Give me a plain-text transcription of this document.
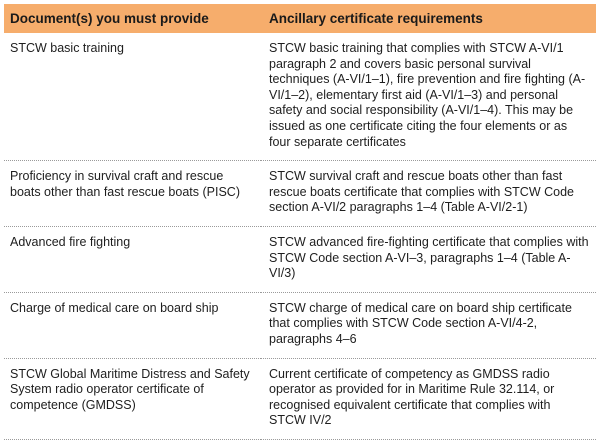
Document(s) you must provide	Ancillary certificate requirements
STCW basic training	STCW basic training that complies with STCW A-VI/1 paragraph 2 and covers basic personal survival techniques (A-VI/1–1), fire prevention and fire fighting (A-VI/1–2), elementary first aid (A-VI/1–3) and personal safety and social responsibility (A-VI/1–4). This may be issued as one certificate citing the four elements or as four separate certificates
Proficiency in survival craft and rescue boats other than fast rescue boats (PISC)	STCW survival craft and rescue boats other than fast rescue boats certificate that complies with STCW Code section A-VI/2 paragraphs 1–4 (Table A-VI/2-1)
Advanced fire fighting	STCW advanced fire-fighting certificate that complies with STCW Code section A-VI–3, paragraphs 1–4 (Table A-VI/3)
Charge of medical care on board ship	STCW charge of medical care on board ship certificate that complies with STCW Code section A-VI/4-2, paragraphs 4–6
STCW Global Maritime Distress and Safety System radio operator certificate of competence (GMDSS)	Current certificate of competency as GMDSS radio operator as provided for in Maritime Rule 32.114, or recognised equivalent certificate that complies with STCW IV/2
